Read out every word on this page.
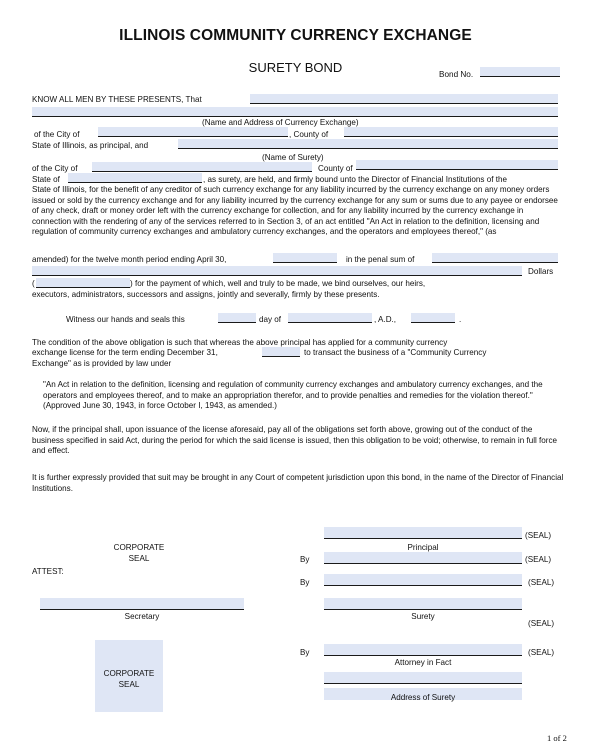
ILLINOIS COMMUNITY CURRENCY EXCHANGE
SURETY BOND	Bond No.
KNOW ALL MEN BY THESE PRESENTS, That
(Name and Address of Currency Exchange)
of the City of	, County of
State of Illinois, as principal, and
(Name of Surety)
County of
of the City of
State of	, as surety, are held, and firmly bound unto the Director of Financial Institutions of the
State of Illinois, for the benefit of any creditor of such currency exchange for any liability incurred by the currency exchange on any money orders issued or sold by the currency exchange and for any liability incurred by the currency exchange for any sum or sums due to any payee or endorsee of any check, draft or money order left with the currency exchange for collection, and for any liability incurred by the currency exchange in connection with the rendering of any of the services referred to in Section 3, of an act entitled "An Act in relation to the definition, licensing and regulation of community currency exchanges and ambulatory currency exchanges, and the operators and employees thereof," (as
amended) for the twelve month period ending April 30,	in the penal sum of
Dollars
(	) for the payment of which, well and truly to be made, we bind ourselves, our heirs,
executors, administrators, successors and assigns, jointly and severally, firmly by these presents.
Witness our hands and seals this	day of	, A.D.,	.
The condition of the above obligation is such that whereas the above principal has applied for a community currency
exchange license for the term ending December 31,	to transact the business of a "Community Currency
Exchange" as is provided by law under
"An Act in relation to the definition, licensing and regulation of community currency exchanges and ambulatory currency exchanges, and the operators and employees thereof, and to make an appropriation therefor, and to provide penalties and remedies for the violation thereof." (Approved June 30, 1943, in force October I, 1943, as amended.)
Now, if the principal shall, upon issuance of the license aforesaid, pay all of the obligations set forth above, growing out of the conduct of the business specified in said Act, during the period for which the said license is issued, then this obligation to be void; otherwise, to remain in full force and effect.
It is further expressly provided that suit may be brought in any Court of competent jurisdiction upon this bond, in the name of the Director of Financial Institutions.
CORPORATE
SEAL
ATTEST:
(SEAL)
Principal
By	(SEAL)
By	(SEAL)
Secretary	Surety
(SEAL)
CORPORATE
SEAL
By	(SEAL)
Attorney in Fact
Address of Surety
1 of 2
